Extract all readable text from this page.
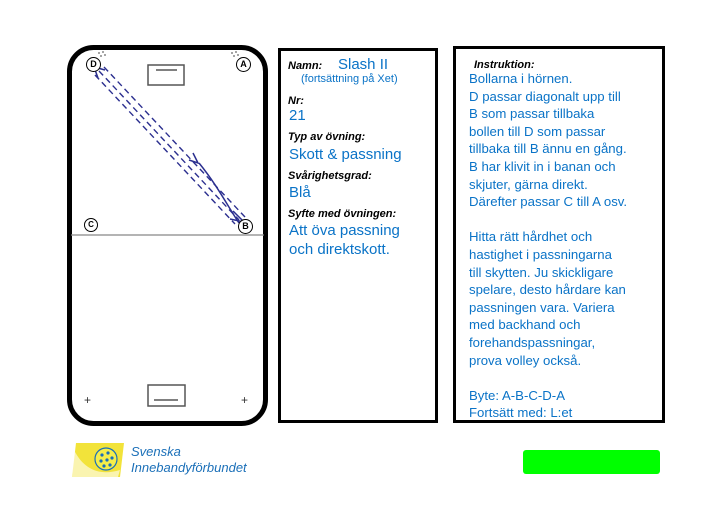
+	+
D	A
C	B
Namn: Slash II
(fortsättning på Xet)
Nr:
21
Typ av övning:
Skott & passning
Svårighetsgrad:
Blå
Syfte med övningen:
Att öva passning
och direktskott.
Instruktion:
Bollarna i hörnen.
D passar diagonalt upp till
B som passar tillbaka
bollen till D som passar
tillbaka till B ännu en gång.
B har klivit in i banan och
skjuter, gärna direkt.
Därefter passar C till A osv.

Hitta rätt hårdhet och
hastighet i passningarna
till skytten. Ju skickligare
spelare, desto hårdare kan
passningen vara. Variera
med backhand och
forehandspassningar,
prova volley också.

Byte: A-B-C-D-A
Fortsätt med: L:et
Svenska
Innebandyförbundet
